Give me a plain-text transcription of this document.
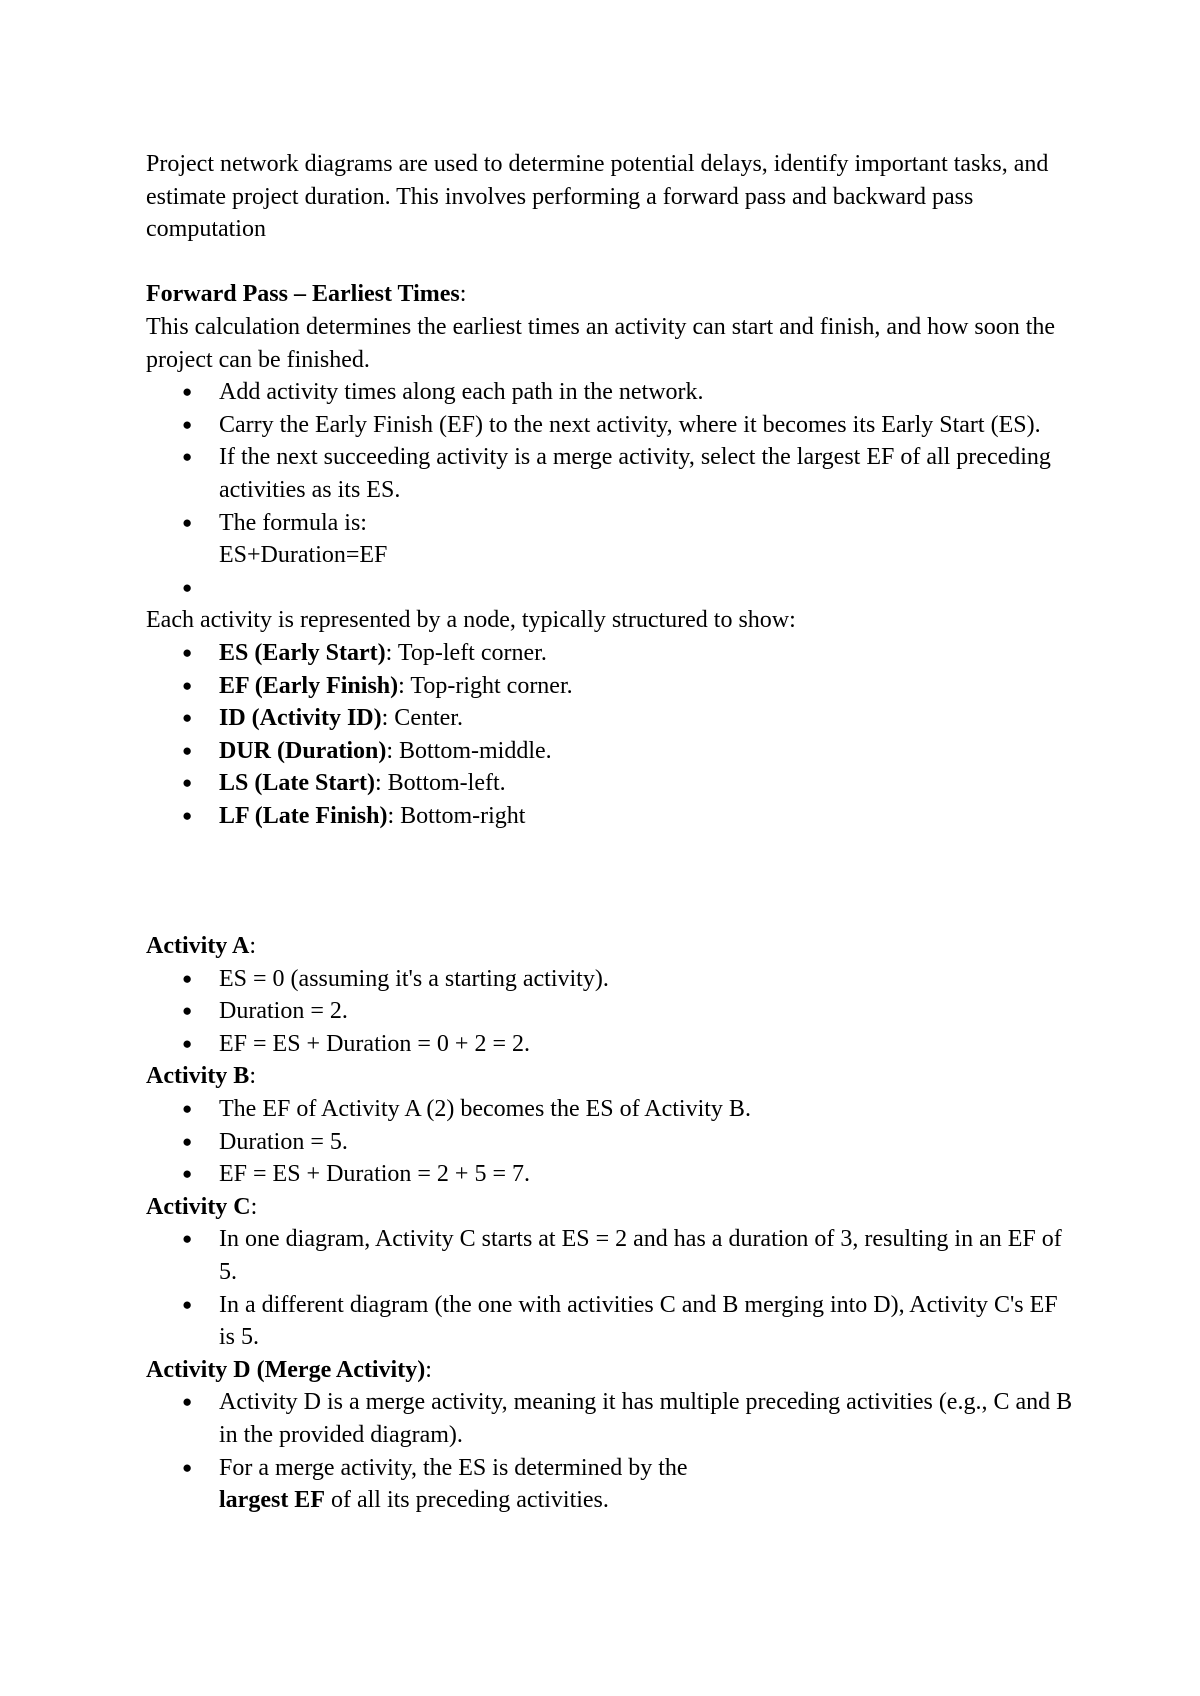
Project network diagrams are used to determine potential delays, identify important tasks, and estimate project duration. This involves performing a forward pass and backward pass computation

Forward Pass – Earliest Times:

This calculation determines the earliest times an activity can start and finish, and how soon the project can be finished.

● Add activity times along each path in the network.
● Carry the Early Finish (EF) to the next activity, where it becomes its Early Start (ES).
● If the next succeeding activity is a merge activity, select the largest EF of all preceding activities as its ES.
● The formula is:
ES+Duration=EF
●

Each activity is represented by a node, typically structured to show:

● ES (Early Start): Top-left corner.
● EF (Early Finish): Top-right corner.
● ID (Activity ID): Center.
● DUR (Duration): Bottom-middle.
● LS (Late Start): Bottom-left.
● LF (Late Finish): Bottom-right

Activity A:

● ES = 0 (assuming it's a starting activity).
● Duration = 2.
● EF = ES + Duration = 0 + 2 = 2.

Activity B:

● The EF of Activity A (2) becomes the ES of Activity B.
● Duration = 5.
● EF = ES + Duration = 2 + 5 = 7.

Activity C:

● In one diagram, Activity C starts at ES = 2 and has a duration of 3, resulting in an EF of 5.
● In a different diagram (the one with activities C and B merging into D), Activity C's EF is 5.

Activity D (Merge Activity):

● Activity D is a merge activity, meaning it has multiple preceding activities (e.g., C and B in the provided diagram).
● For a merge activity, the ES is determined by the
largest EF of all its preceding activities.
